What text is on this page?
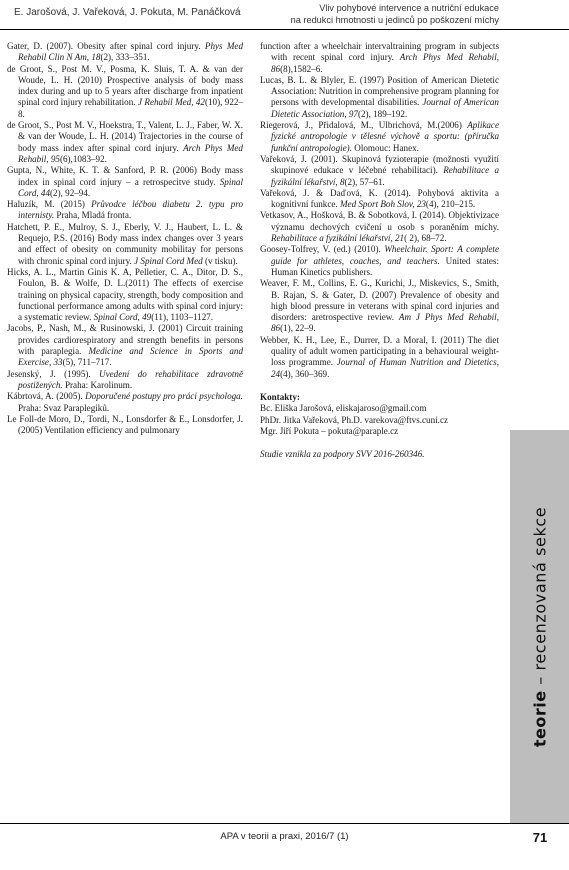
E. Jarošová, J. Vařeková, J. Pokuta, M. Panáčková	Vliv pohybové intervence a nutriční edukace
na redukci hmotnosti u jedinců po poškození míchy

Gater, D. (2007). Obesity after spinal cord injury. Phys Med Rehabil Clin N Am, 18(2), 333–351.

de Groot, S., Post M. V., Posma, K. Sluis, T. A. & van der Woude, L. H. (2010) Prospective analysis of body mass index during and up to 5 years after discharge from inpatient spinal cord injury rehabilitation. J Rehabil Med, 42(10), 922–8.

de Groot, S., Post M. V., Hoekstra, T., Valent, L. J., Faber, W. X. & van der Woude, L. H. (2014) Trajectories in the course of body mass index after spinal cord injury. Arch Phys Med Rehabil, 95(6),1083–92.

Gupta, N., White, K. T. & Sanford, P. R. (2006) Body mass index in spinal cord injury – a retrospecitve study. Spinal Cord, 44(2), 92–94.

Haluzík, M. (2015) Průvodce léčbou diabetu 2. typu pro internisty. Praha, Mladá fronta.

Hatchett, P. E., Mulroy, S. J., Eberly, V. J., Haubert, L. L. & Requejo, P.S. (2016) Body mass index changes over 3 years and effect of obesity on community mobilitay for persons with chronic spinal cord injury. J Spinal Cord Med (v tisku).

Hicks, A. L., Martin Ginis K. A, Pelletier, C. A., Ditor, D. S., Foulon, B. & Wolfe, D. L.(2011) The effects of exercise training on physical capacity, strength, body composition and functional performance among adults with spinal cord injury: a systematic review. Spinal Cord, 49(11), 1103–1127.

Jacobs, P., Nash, M., & Rusinowski, J. (2001) Circuit training provides cardiorespiratory and strength benefits in persons with paraplegia. Medicine and Science in Sports and Exercise, 33(5), 711–717.

Jesenský, J. (1995). Uvedení do rehabilitace zdravotně postižených. Praha: Karolinum.

Kábrtová, A. (2005). Doporučené postupy pro práci psychologa. Praha: Svaz Paraplegiků.

Le Foll-de Moro, D., Tordi, N., Lonsdorfer & E., Lonsdorfer, J. (2005) Ventilation efficiency and pulmonary

function after a wheelchair intervaltraining program in subjects with recent spinal cord injury. Arch Phys Med Rehabil, 86(8),1582–6.

Lucas, B. L. & Blyler, E. (1997) Position of American Dietetic Association: Nutrition in comprehensive program planning for persons with developmental disabilities. Journal of American Dietetic Association, 97(2), 189–192.

Riegerová, J., Přidalová, M., Ulbrichová, M.(2006) Aplikace fyzické antropologie v tělesné výchově a sportu: (příručka funkční antropologie). Olomouc: Hanex.

Vařeková, J. (2001). Skupinová fyzioterapie (možnosti využití skupinové edukace v léčebné rehabilitaci). Rehabilitace a fyzikální lékařství, 8(2), 57–61.

Vařeková, J. & Daďová, K. (2014). Pohybová aktivita a kognitivní funkce. Med Sport Boh Slov, 23(4), 210–215.

Vetkasov, A., Hošková, B. & Sobotková, I. (2014). Objektivizace významu dechových cvičení u osob s poraněním míchy. Rehabilitace a fyzikální lékařství, 21( 2), 68–72.

Goosey-Tolfrey, V. (ed.) (2010). Wheelchair. Sport: A complete guide for athletes, coaches, and teachers. United states: Human Kinetics publishers.

Weaver, F. M., Collins, E. G., Kurichi, J., Miskevics, S., Smith, B. Rajan, S. & Gater, D. (2007) Prevalence of obesity and high blood pressure in veterans with spinal cord injuries and disorders: aretrospective review. Am J Phys Med Rehabil, 86(1), 22–9.

Webber, K. H., Lee, E., Durrer, D. a Moral, I. (2011) The diet quality of adult women participating in a behavioural weight-loss programme. Journal of Human Nutrition and Dietetics, 24(4), 360–369.

Kontakty:

Bc. Eliška Jarošová, eliskajaroso@gmail.com

PhDr. Jitka Vařeková, Ph.D. varekova@ftvs.cuni.cz

Mgr. Jiří Pokuta – pokuta@paraple.cz

Studie vznikla za podpory SVV 2016-260346.
teorie – recenzovaná sekce
APA v teorii a praxi, 2016/7 (1)	71
